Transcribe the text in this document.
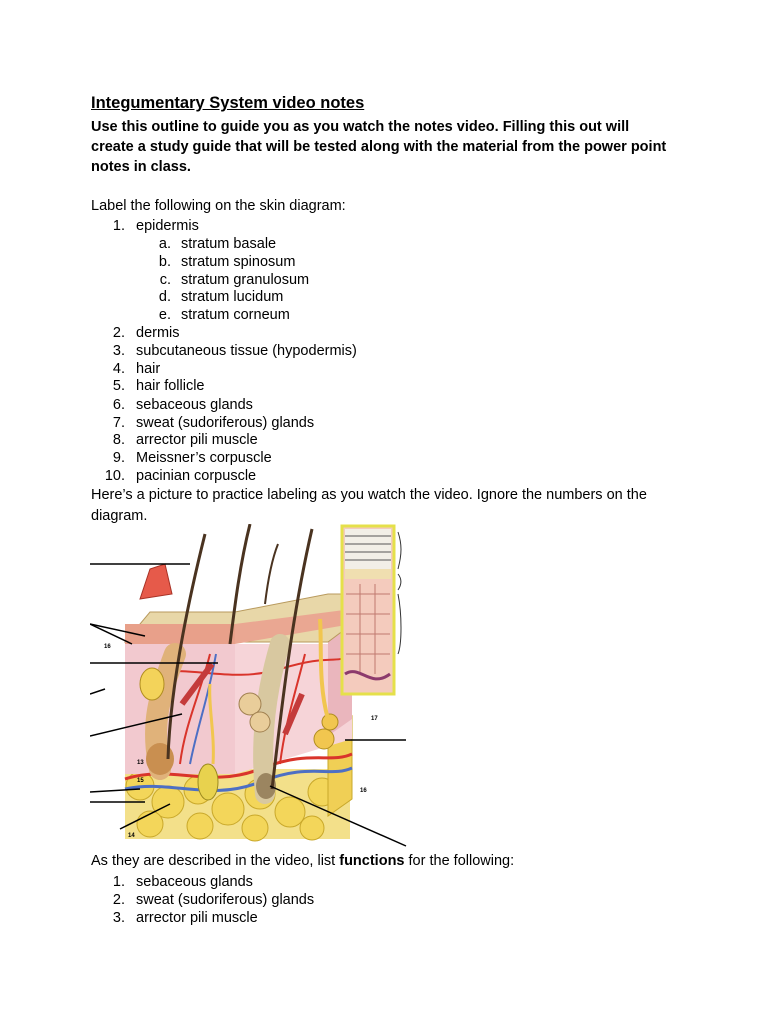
Integumentary System video notes

Use this outline to guide you as you watch the notes video. Filling this out will create a study guide that will be tested along with the material from the power point notes in class.

Label the following on the skin diagram:

1. epidermis
a. stratum basale
b. stratum spinosum
c. stratum granulosum
d. stratum lucidum
e. stratum corneum
2. dermis
3. subcutaneous tissue (hypodermis)
4. hair
5. hair follicle
6. sebaceous glands
7. sweat (sudoriferous) glands
8. arrector pili muscle
9. Meissner’s corpuscle
10. pacinian corpuscle

Here’s a picture to practice labeling as you watch the video. Ignore the numbers on the diagram.

16
17
13
15
14
16

As they are described in the video, list functions for the following:

1. sebaceous glands
2. sweat (sudoriferous) glands
3. arrector pili muscle
